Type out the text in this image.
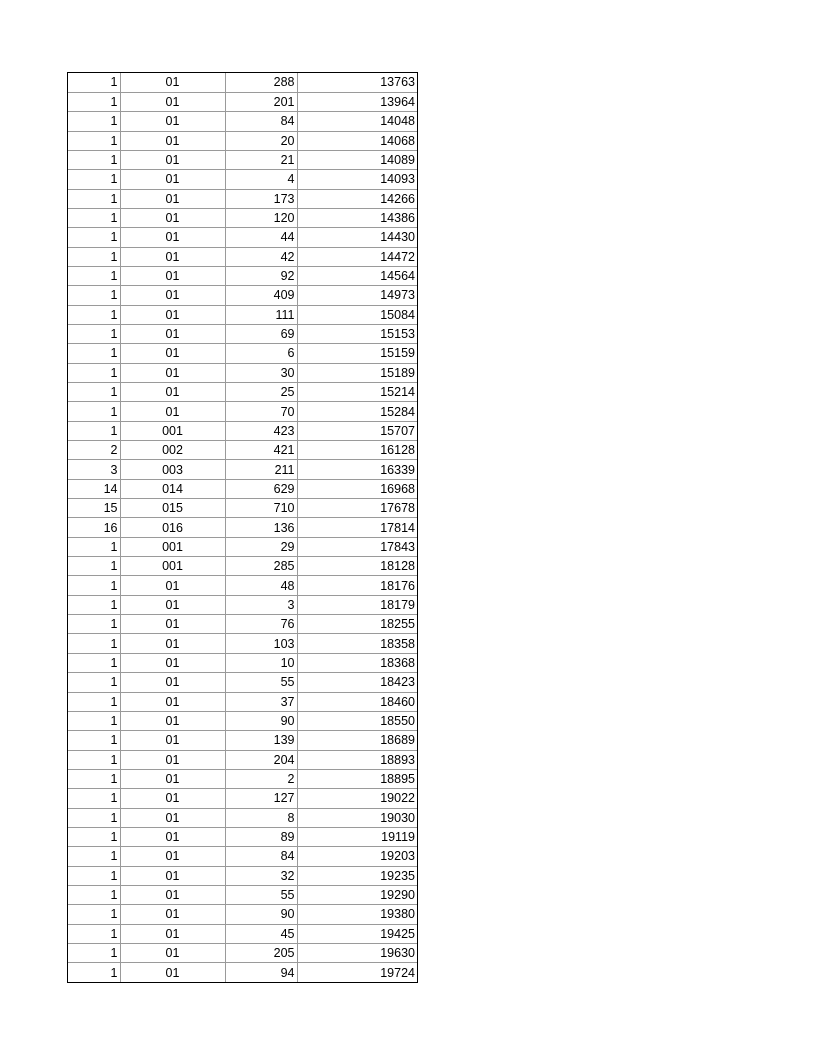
1	01	288	13763
1	01	201	13964
1	01	84	14048
1	01	20	14068
1	01	21	14089
1	01	4	14093
1	01	173	14266
1	01	120	14386
1	01	44	14430
1	01	42	14472
1	01	92	14564
1	01	409	14973
1	01	111	15084
1	01	69	15153
1	01	6	15159
1	01	30	15189
1	01	25	15214
1	01	70	15284
1	001	423	15707
2	002	421	16128
3	003	211	16339
14	014	629	16968
15	015	710	17678
16	016	136	17814
1	001	29	17843
1	001	285	18128
1	01	48	18176
1	01	3	18179
1	01	76	18255
1	01	103	18358
1	01	10	18368
1	01	55	18423
1	01	37	18460
1	01	90	18550
1	01	139	18689
1	01	204	18893
1	01	2	18895
1	01	127	19022
1	01	8	19030
1	01	89	19119
1	01	84	19203
1	01	32	19235
1	01	55	19290
1	01	90	19380
1	01	45	19425
1	01	205	19630
1	01	94	19724
